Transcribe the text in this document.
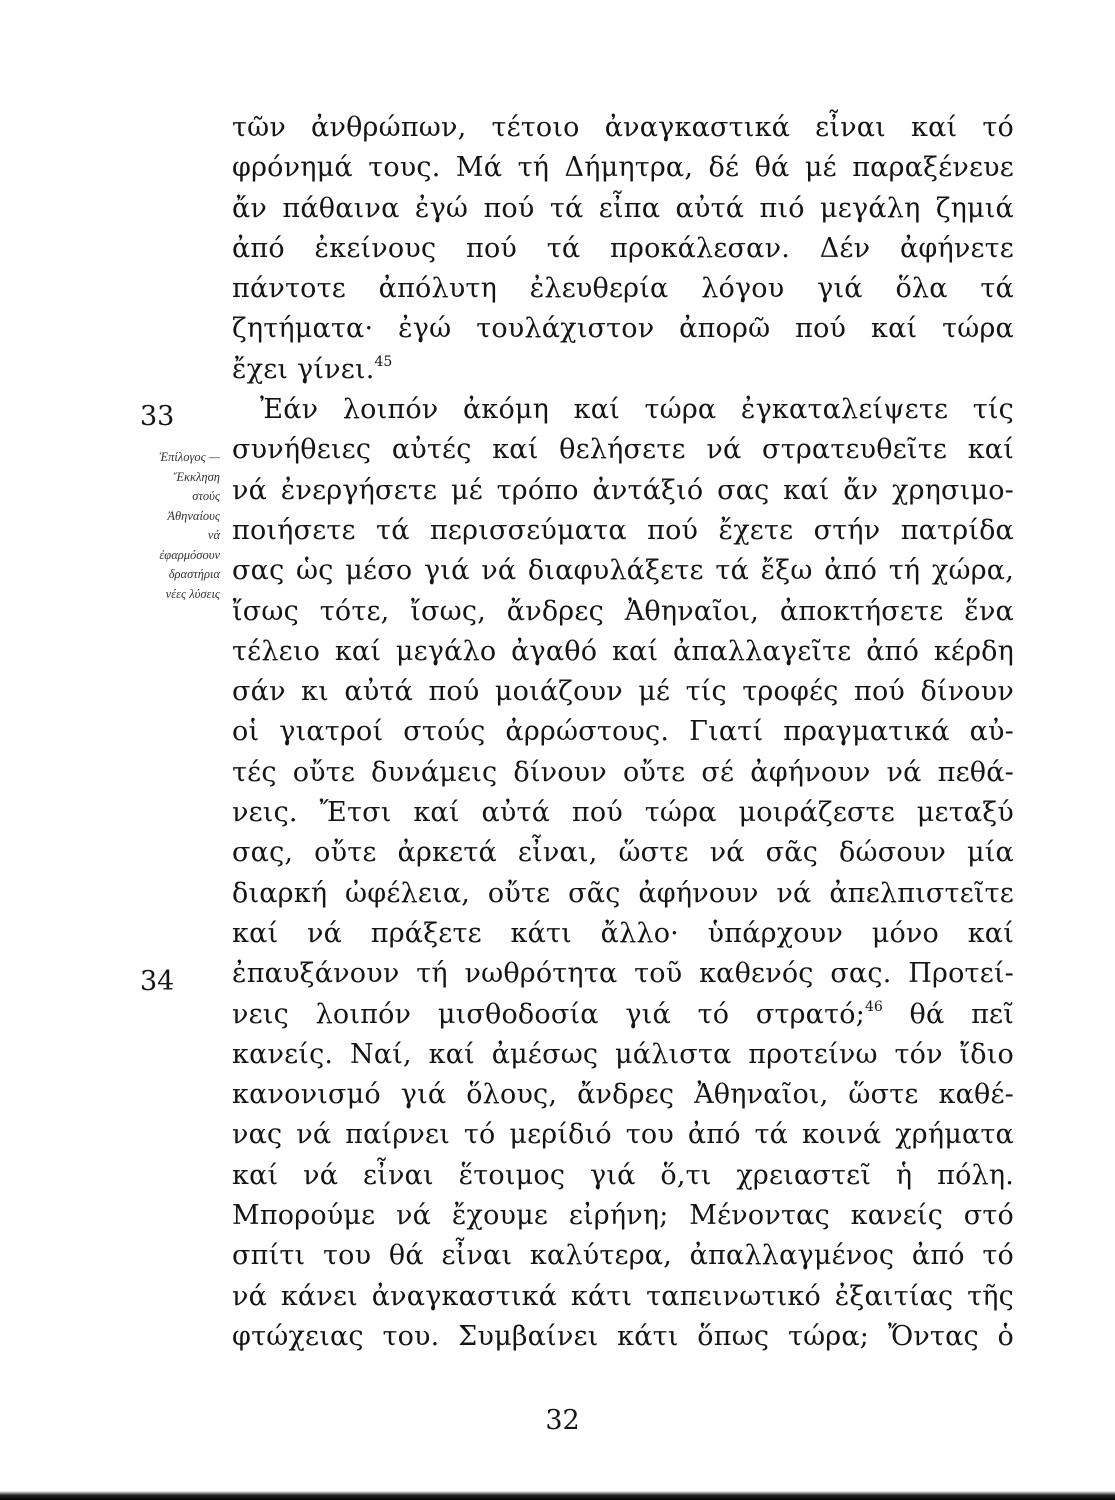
33
34
Ἐπίλογος —
Ἔκκληση
στούς
Ἀθηναίους
νά
ἐφαρμόσουν
δραστήρια
νέες λύσεις
τῶν ἀνθρώπων, τέτοιο ἀναγκαστικά εἶναι καί τό
φρόνημά τους. Μά τή Δήμητρα, δέ θά μέ παραξένευε
ἄν πάθαινα ἐγώ πού τά εἶπα αὐτά πιό μεγάλη ζημιά
ἀπό ἐκείνους πού τά προκάλεσαν. Δέν ἀφήνετε
πάντοτε ἀπόλυτη ἐλευθερία λόγου γιά ὅλα τά
ζητήματα· ἐγώ τουλάχιστον ἀπορῶ πού καί τώρα
ἔχει γίνει.$^{45}$
Ἐάν λοιπόν ἀκόμη καί τώρα ἐγκαταλείψετε τίς
συνήθειες αὐτές καί θελήσετε νά στρατευθεῖτε καί
νά ἐνεργήσετε μέ τρόπο ἀντάξιό σας καί ἄν χρησιμο-
ποιήσετε τά περισσεύματα πού ἔχετε στήν πατρίδα
σας ὡς μέσο γιά νά διαφυλάξετε τά ἔξω ἀπό τή χώρα,
ἴσως τότε, ἴσως, ἄνδρες Ἀθηναῖοι, ἀποκτήσετε ἕνα
τέλειο καί μεγάλο ἀγαθό καί ἀπαλλαγεῖτε ἀπό κέρδη
σάν κι αὐτά πού μοιάζουν μέ τίς τροφές πού δίνουν
οἱ γιατροί στούς ἀρρώστους. Γιατί πραγματικά αὐ-
τές οὔτε δυνάμεις δίνουν οὔτε σέ ἀφήνουν νά πεθά-
νεις. Ἔτσι καί αὐτά πού τώρα μοιράζεστε μεταξύ
σας, οὔτε ἀρκετά εἶναι, ὥστε νά σᾶς δώσουν μία
διαρκή ὠφέλεια, οὔτε σᾶς ἀφήνουν νά ἀπελπιστεῖτε
καί νά πράξετε κάτι ἄλλο· ὑπάρχουν μόνο καί
ἐπαυξάνουν τή νωθρότητα τοῦ καθενός σας. Προτεί-
νεις λοιπόν μισθοδοσία γιά τό στρατό;$^{46}$ θά πεῖ
κανείς. Ναί, καί ἀμέσως μάλιστα προτείνω τόν ἴδιο
κανονισμό γιά ὅλους, ἄνδρες Ἀθηναῖοι, ὥστε καθέ-
νας νά παίρνει τό μερίδιό του ἀπό τά κοινά χρήματα
καί νά εἶναι ἕτοιμος γιά ὅ,τι χρειαστεῖ ἡ πόλη.
Μπορούμε νά ἔχουμε εἰρήνη; Μένοντας κανείς στό
σπίτι του θά εἶναι καλύτερα, ἀπαλλαγμένος ἀπό τό
νά κάνει ἀναγκαστικά κάτι ταπεινωτικό ἐξαιτίας τῆς
φτώχειας του. Συμβαίνει κάτι ὅπως τώρα; Ὄντας ὁ
32
